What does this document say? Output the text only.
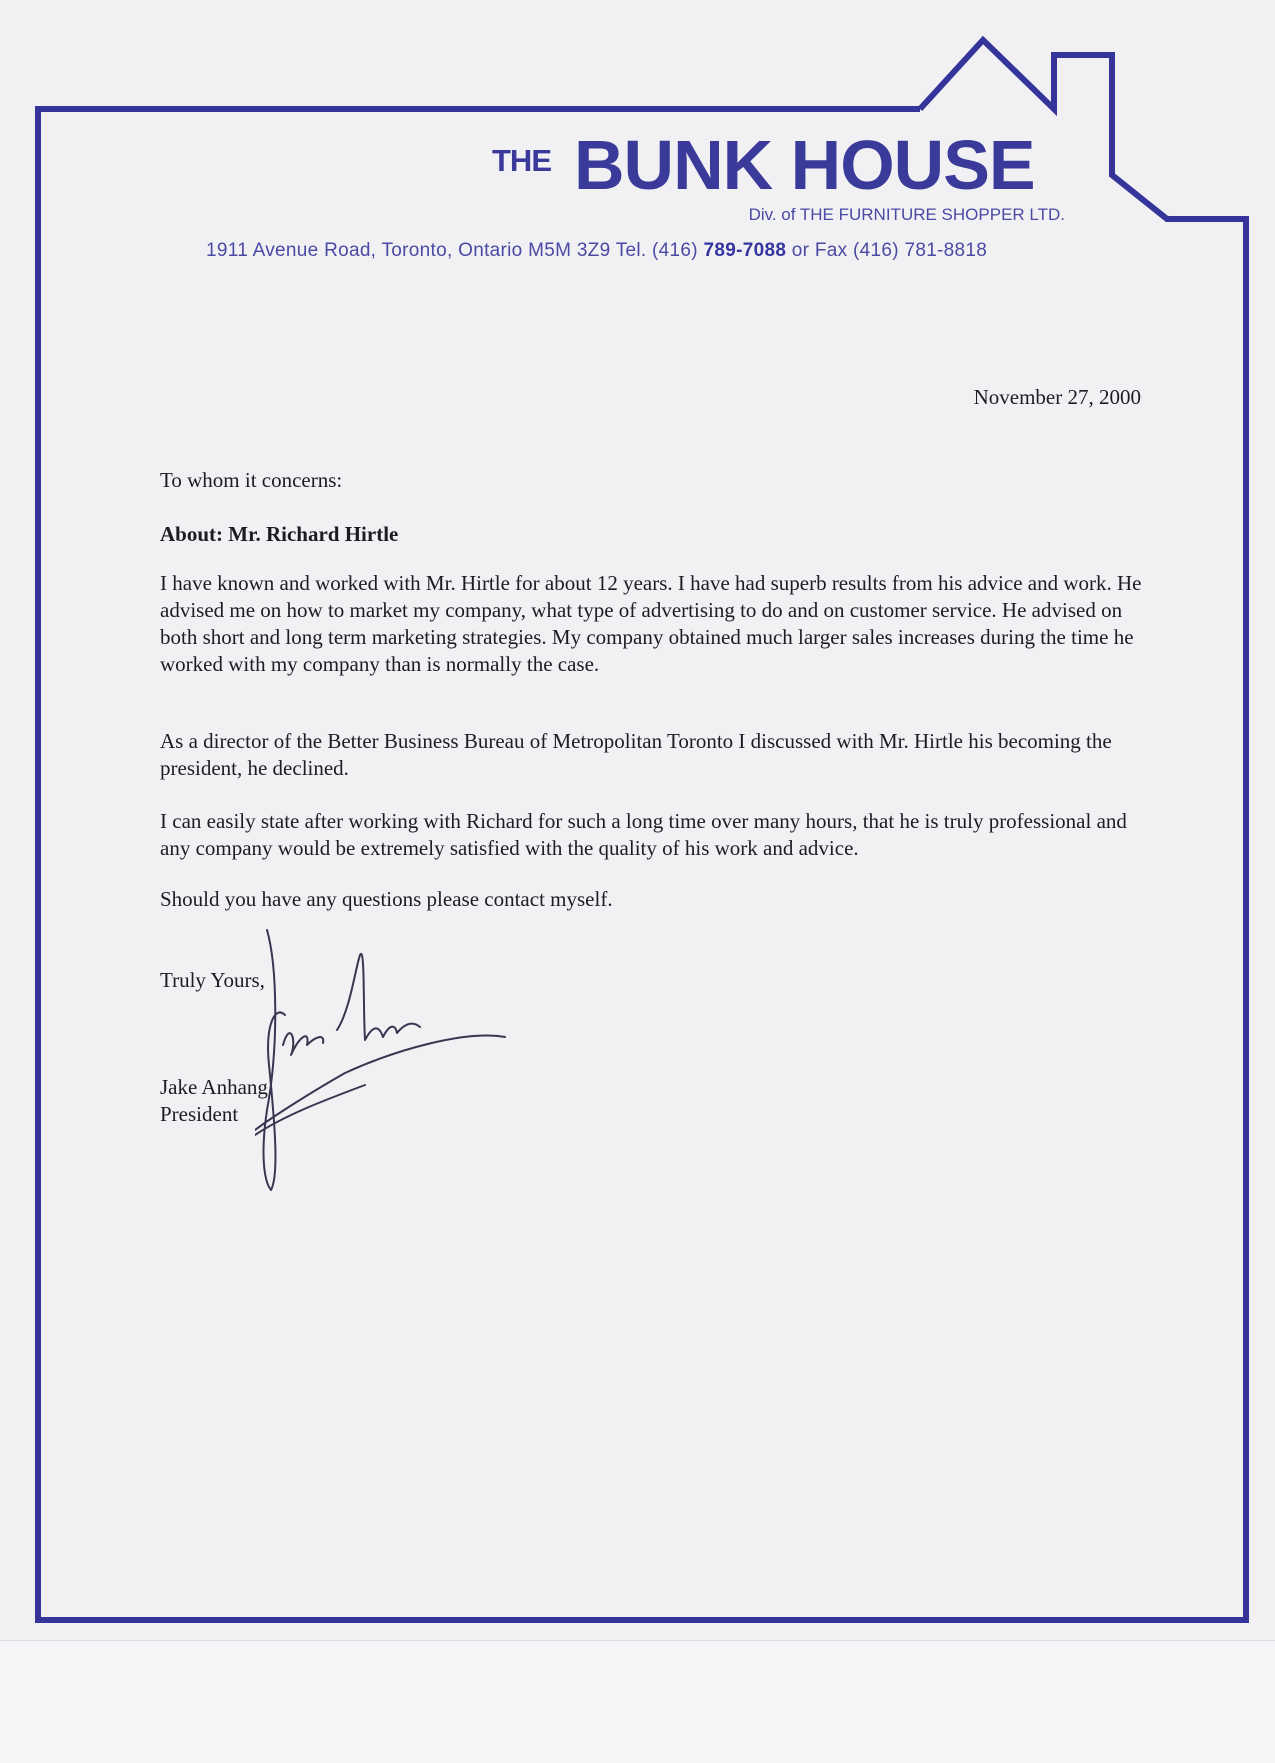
THE BUNK HOUSE
Div. of THE FURNITURE SHOPPER LTD.
1911 Avenue Road, Toronto, Ontario M5M 3Z9 Tel. (416) 789-7088 or Fax (416) 781-8818
November 27, 2000
To whom it concerns:
About: Mr. Richard Hirtle
I have known and worked with Mr. Hirtle for about 12 years. I have had superb results from his advice and work. He advised me on how to market my company, what type of advertising to do and on customer service. He advised on both short and long term marketing strategies. My company obtained much larger sales increases during the time he worked with my company than is normally the case.
As a director of the Better Business Bureau of Metropolitan Toronto I discussed with Mr. Hirtle his becoming the president, he declined.
I can easily state after working with Richard for such a long time over many hours, that he is truly professional and any company would be extremely satisfied with the quality of his work and advice.
Should you have any questions please contact myself.
Truly Yours,
Jake Anhang
President
